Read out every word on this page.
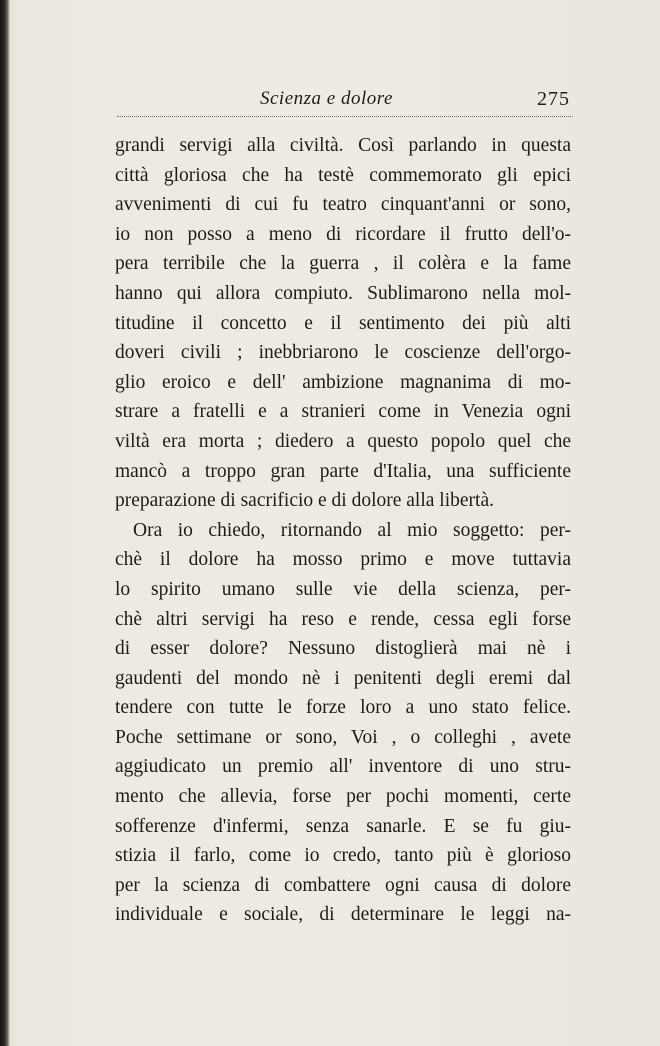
Scienza e dolore	275
grandi servigi alla civiltà. Così parlando in questa
città gloriosa che ha testè commemorato gli epici
avvenimenti di cui fu teatro cinquant'anni or sono,
io non posso a meno di ricordare il frutto dell'o-
pera terribile che la guerra , il colèra e la fame
hanno qui allora compiuto. Sublimarono nella mol-
titudine il concetto e il sentimento dei più alti
doveri civili ; inebbriarono le coscienze dell'orgo-
glio eroico e dell' ambizione magnanima di mo-
strare a fratelli e a stranieri come in Venezia ogni
viltà era morta ; diedero a questo popolo quel che
mancò a troppo gran parte d'Italia, una sufficiente
preparazione di sacrificio e di dolore alla libertà.
Ora io chiedo, ritornando al mio soggetto: per-
chè il dolore ha mosso primo e move tuttavia
lo spirito umano sulle vie della scienza, per-
chè altri servigi ha reso e rende, cessa egli forse
di esser dolore? Nessuno distoglierà mai nè i
gaudenti del mondo nè i penitenti degli eremi dal
tendere con tutte le forze loro a uno stato felice.
Poche settimane or sono, Voi , o colleghi , avete
aggiudicato un premio all' inventore di uno stru-
mento che allevia, forse per pochi momenti, certe
sofferenze d'infermi, senza sanarle. E se fu giu-
stizia il farlo, come io credo, tanto più è glorioso
per la scienza di combattere ogni causa di dolore
individuale e sociale, di determinare le leggi na-
